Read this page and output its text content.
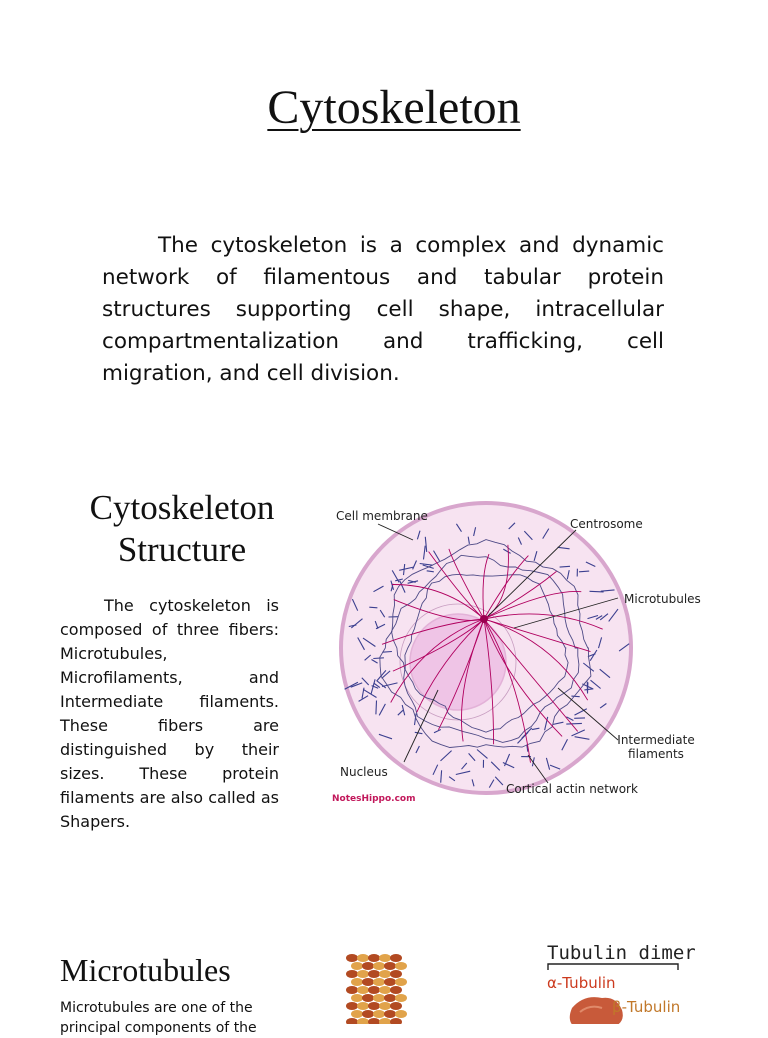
Cytoskeleton

The cytoskeleton is a complex and dynamic network of filamentous and tabular protein structures supporting cell shape, intracellular compartmentalization and trafficking, cell migration, and cell division.

Cytoskeleton
Structure

The cytoskeleton is composed of three fibers: Microtubules, Microfilaments, and Intermediate filaments. These fibers are distinguished by their sizes. These protein filaments are also called as Shapers.

Cell membrane
Centrosome
Microtubules
Intermediate
filaments
Nucleus
Cortical actin network
NotesHippo.com
Microtubules

Microtubules are one of the principal components of the

Tubulin dimer
α-Tubulin
β-Tubulin
